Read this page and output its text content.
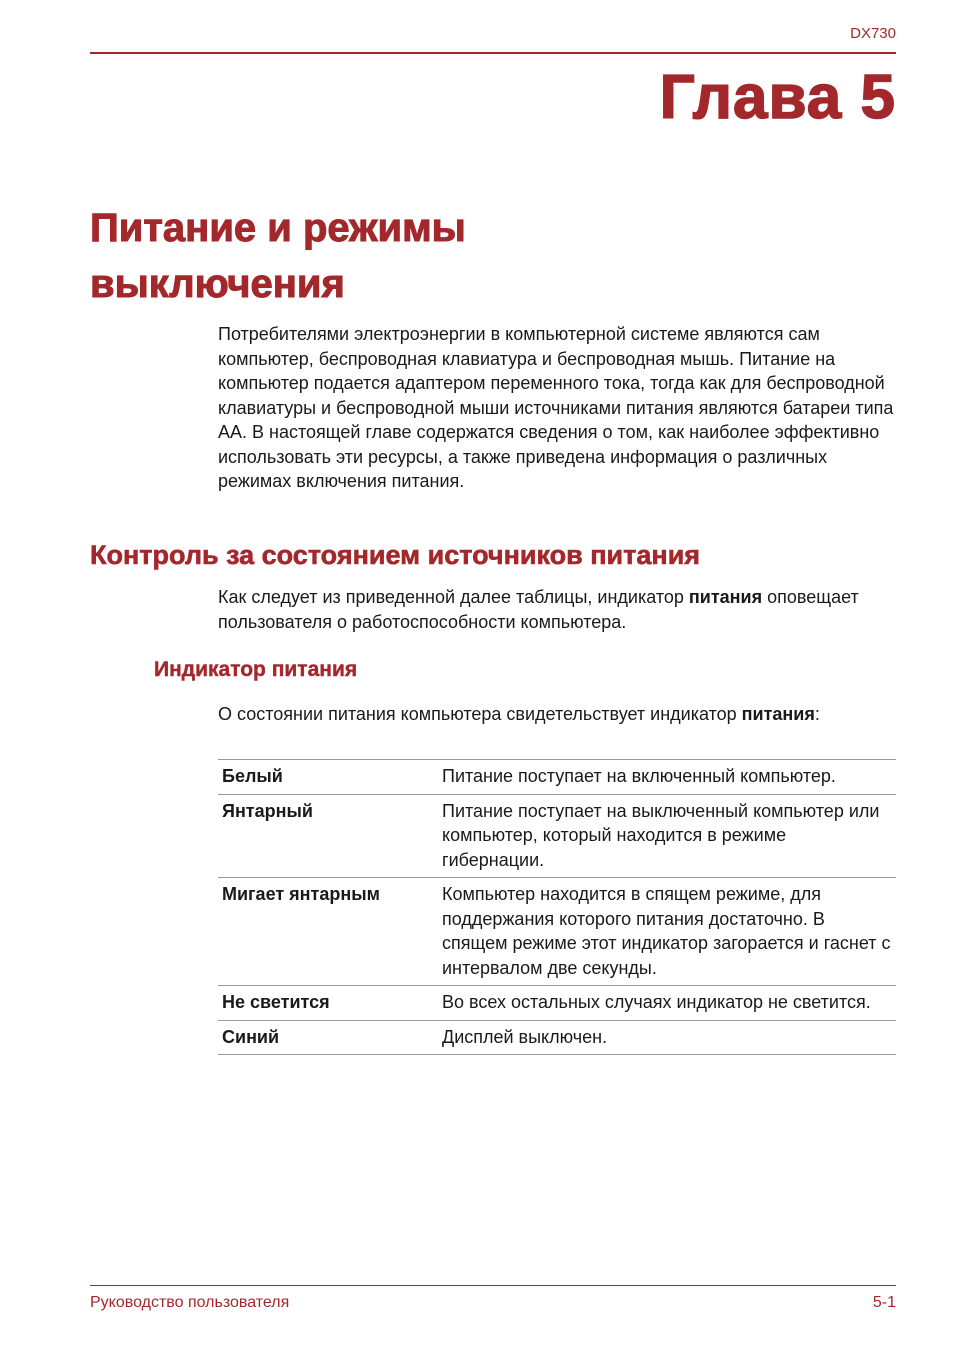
DX730
Глава 5
Питание и режимы
выключения

Потребителями электроэнергии в компьютерной системе являются сам компьютер, беспроводная клавиатура и беспроводная мышь. Питание на компьютер подается адаптером переменного тока, тогда как для беспроводной клавиатуры и беспроводной мыши источниками питания являются батареи типа AA. В настоящей главе содержатся сведения о том, как наиболее эффективно использовать эти ресурсы, а также приведена информация о различных режимах включения питания.

Контроль за состоянием источников питания

Как следует из приведенной далее таблицы, индикатор питания оповещает пользователя о работоспособности компьютера.

Индикатор питания

О состоянии питания компьютера свидетельствует индикатор питания:

Белый	Питание поступает на включенный компьютер.
Янтарный	Питание поступает на выключенный компьютер или компьютер, который находится в режиме гибернации.
Мигает янтарным	Компьютер находится в спящем режиме, для поддержания которого питания достаточно. В спящем режиме этот индикатор загорается и гаснет с интервалом две секунды.
Не светится	Во всех остальных случаях индикатор не светится.
Синий	Дисплей выключен.
Руководство пользователя	5-1
